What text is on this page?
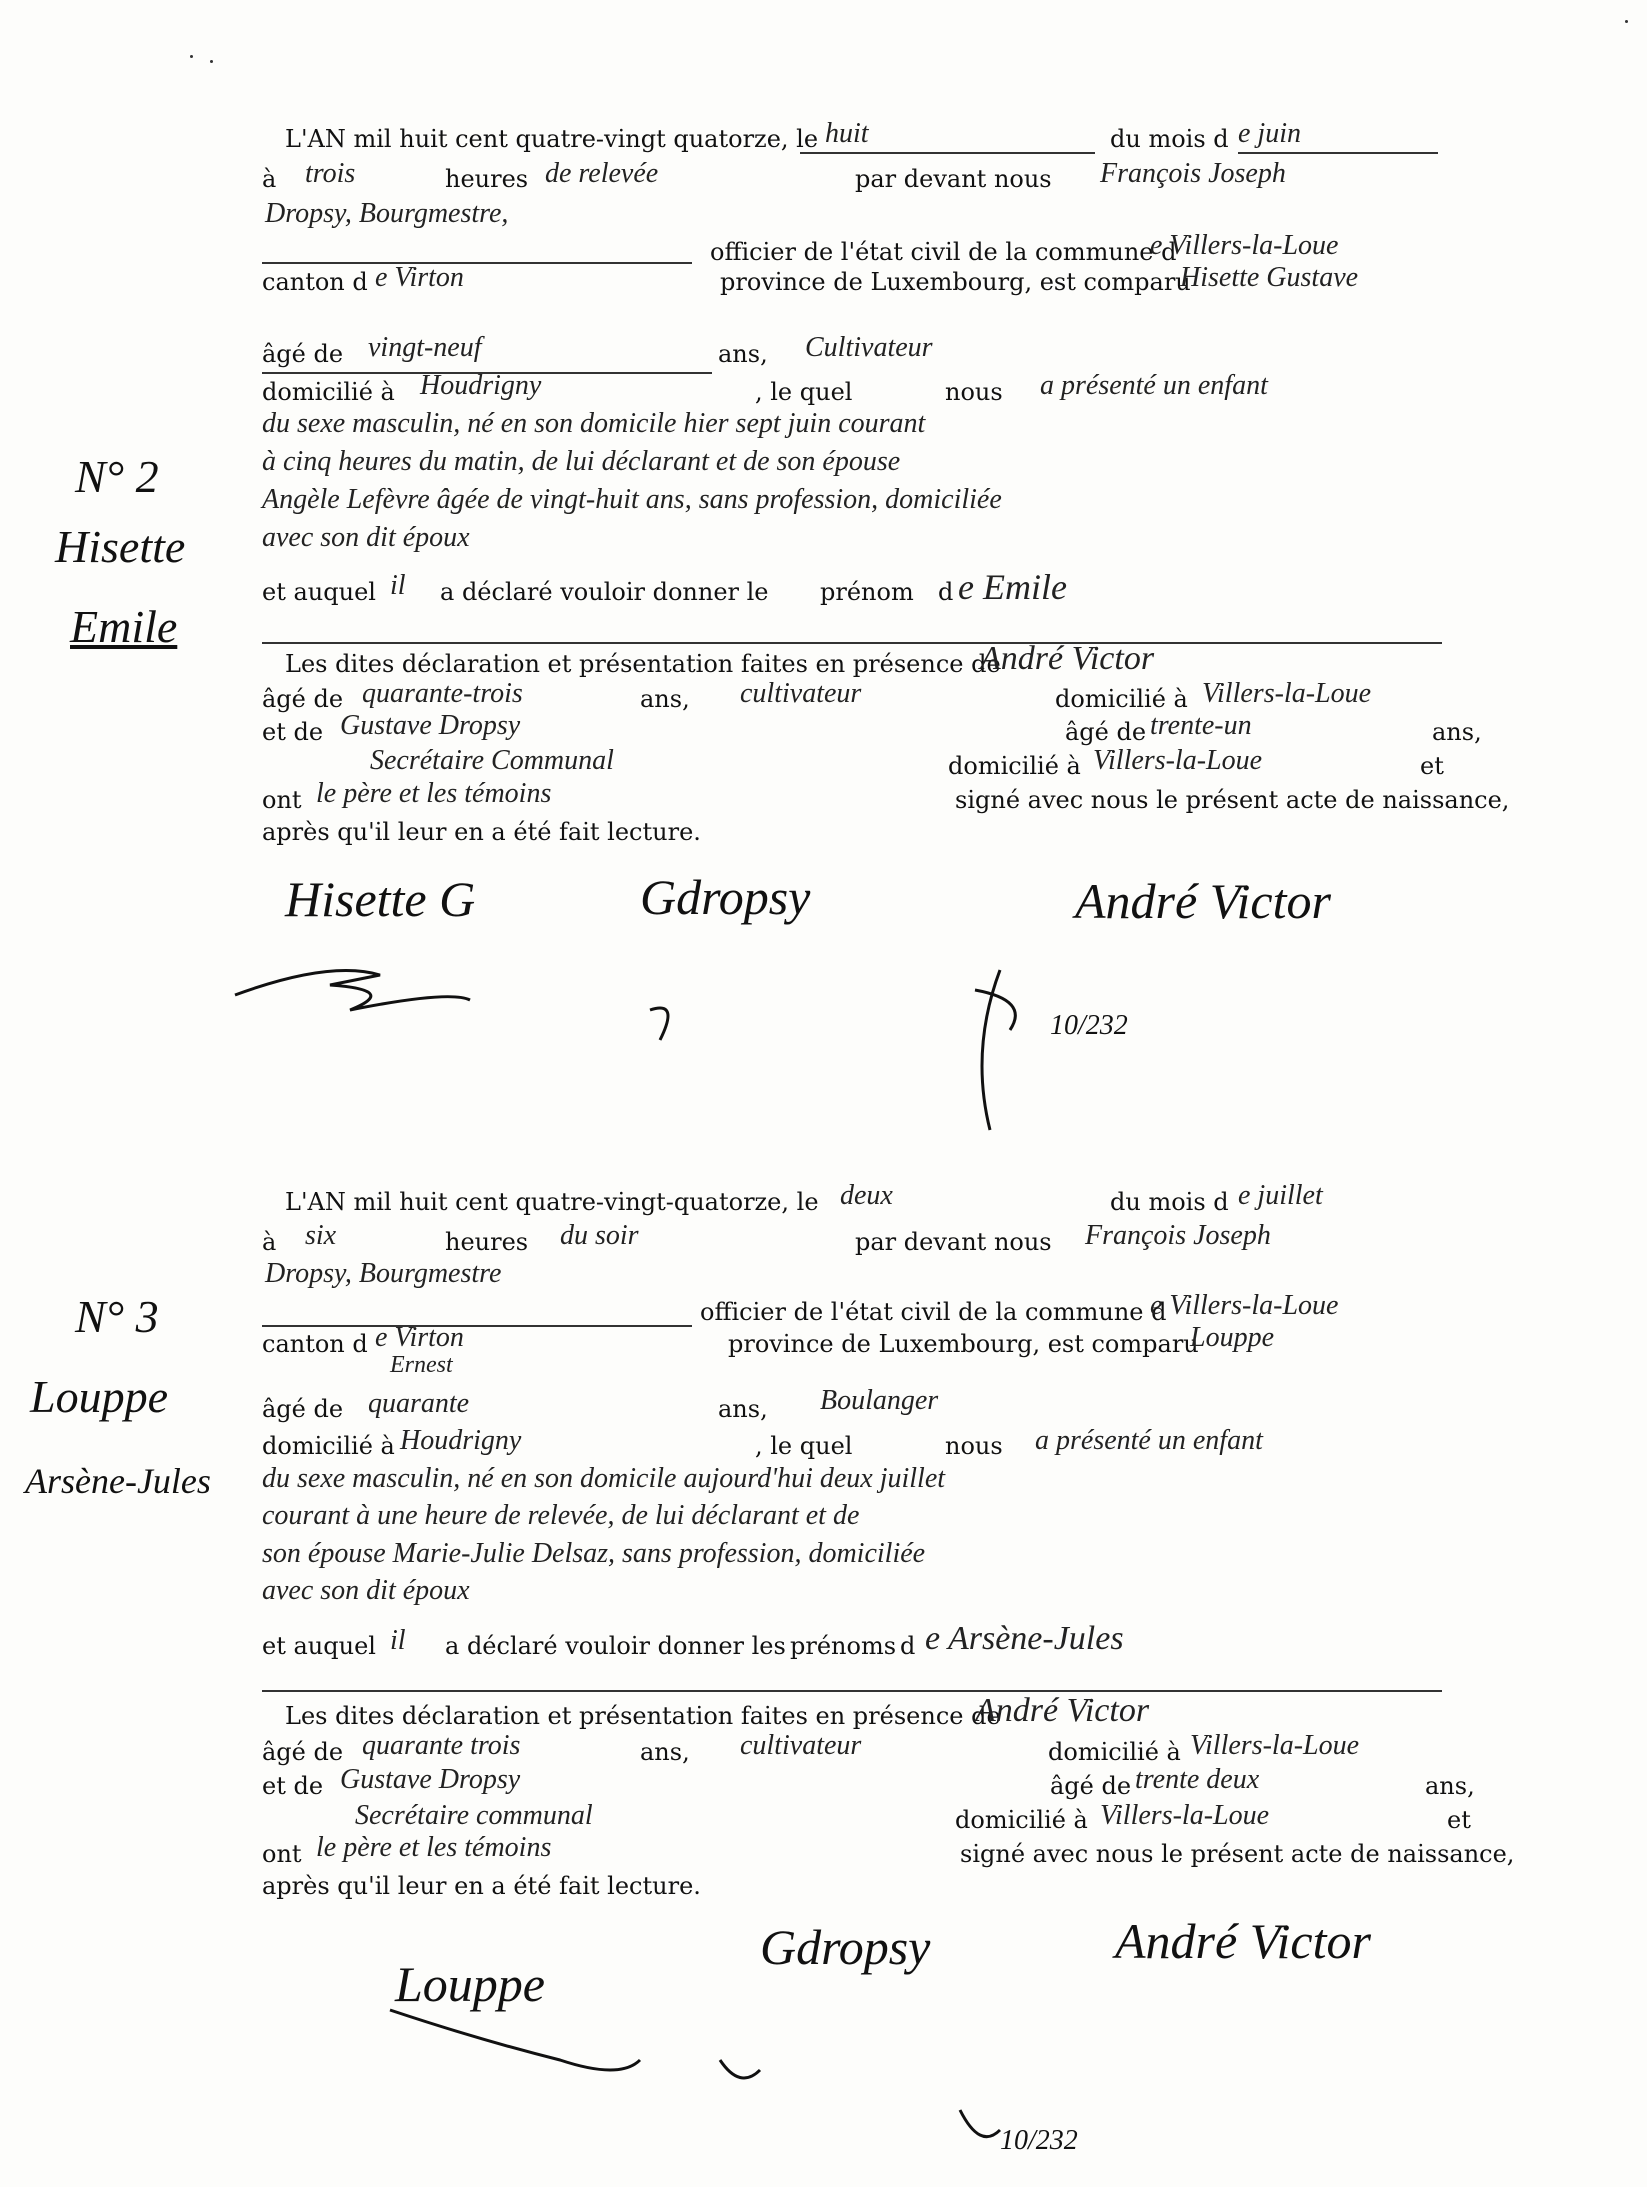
N° 2
Hisette
Emile
L'AN mil huit cent quatre-vingt quatorze, le huit	du mois d e juin
à trois	heures de relevée	par devant nous François Joseph
Dropsy, Bourgmestre,
officier de l'état civil de la commune d
e Villers-la-Loue
canton d e Virton	province de Luxembourg, est comparu
Hisette Gustave
âgé de vingt-neuf	ans, Cultivateur
domicilié à Houdrigny	, le quel	nous a présenté un enfant
du sexe masculin, né en son domicile hier sept juin courant
à cinq heures du matin, de lui déclarant et de son épouse
Angèle Lefèvre âgée de vingt-huit ans, sans profession, domiciliée
avec son dit époux
et auquel il a déclaré vouloir donner le prénom d e Emile
Les dites déclaration et présentation faites en présence de
André Victor
âgé de quarante-trois	ans, cultivateur	domicilié à Villers-la-Loue
et de Gustave Dropsy	âgé de trente-un	ans,
Secrétaire Communal	domicilié à Villers-la-Loue	et
ont le père et les témoins	signé avec nous le présent acte de naissance,
après qu'il leur en a été fait lecture.
Hisette G	Gdropsy	André Victor
10/232
N° 3
Louppe
Arsène-Jules
L'AN mil huit cent quatre-vingt-quatorze, le deux	du mois d e juillet
à six	heures du soir	par devant nous François Joseph
Dropsy, Bourgmestre
officier de l'état civil de la commune d
e Villers-la-Loue
canton d e Virton	province de Luxembourg, est comparu
Louppe
Ernest
âgé de quarante	ans, Boulanger
domicilié à Houdrigny	, le quel	nous a présenté un enfant
du sexe masculin, né en son domicile aujourd'hui deux juillet
courant à une heure de relevée, de lui déclarant et de
son épouse Marie-Julie Delsaz, sans profession, domiciliée
avec son dit époux
et auquel il a déclaré vouloir donner les prénoms d e Arsène-Jules
Les dites déclaration et présentation faites en présence de
André Victor
âgé de quarante trois	ans, cultivateur	domicilié à Villers-la-Loue
et de Gustave Dropsy	âgé de trente deux	ans,
Secrétaire communal	domicilié à Villers-la-Loue	et
ont le père et les témoins	signé avec nous le présent acte de naissance,
après qu'il leur en a été fait lecture.
Louppe
Gdropsy	André Victor
10/232
